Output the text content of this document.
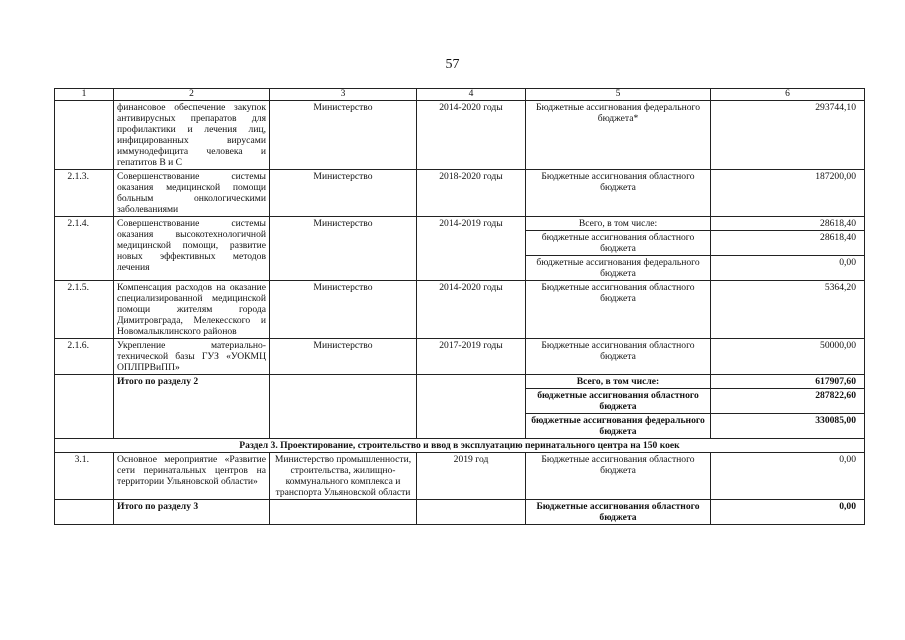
57
1	2	3	4	5	6
	финансовое обеспечение закупок антивирусных препаратов для профилактики и лечения лиц, инфицированных вирусами иммунодефицита человека и гепатитов В и С	Министерство	2014-2020 годы	Бюджетные ассигнования федерального бюджета*	293744,10
2.1.3.	Совершенствование системы оказания медицинской помощи больным онкологическими заболеваниями	Министерство	2018-2020 годы	Бюджетные ассигнования областного бюджета	187200,00
2.1.4.	Совершенствование системы оказания высокотехнологичной медицинской помощи, развитие новых эффективных методов лечения	Министерство	2014-2019 годы	Всего, в том числе:	28618,40
				бюджетные ассигнования областного бюджета	28618,40
				бюджетные ассигнования федерального бюджета	0,00
2.1.5.	Компенсация расходов на оказание специализированной медицинской помощи жителям города Димитровграда, Мелекесского и Новомалыклинского районов	Министерство	2014-2020 годы	Бюджетные ассигнования областного бюджета	5364,20
2.1.6.	Укрепление материально-технической базы ГУЗ «УОКМЦ ОПЛПРВиПП»	Министерство	2017-2019 годы	Бюджетные ассигнования областного бюджета	50000,00
	Итого по разделу 2			Всего, в том числе:	617907,60
				бюджетные ассигнования областного бюджета	287822,60
				бюджетные ассигнования федерального бюджета	330085,00
Раздел 3. Проектирование, строительство и ввод в эксплуатацию перинатального центра на 150 коек					
3.1.	Основное мероприятие «Развитие сети перинатальных центров на территории Ульяновской области»	Министерство промышленности, строительства, жилищно-коммунального комплекса и транспорта Ульяновской области	2019 год	Бюджетные ассигнования областного бюджета	0,00
	Итого по разделу 3			Бюджетные ассигнования областного бюджета	0,00
